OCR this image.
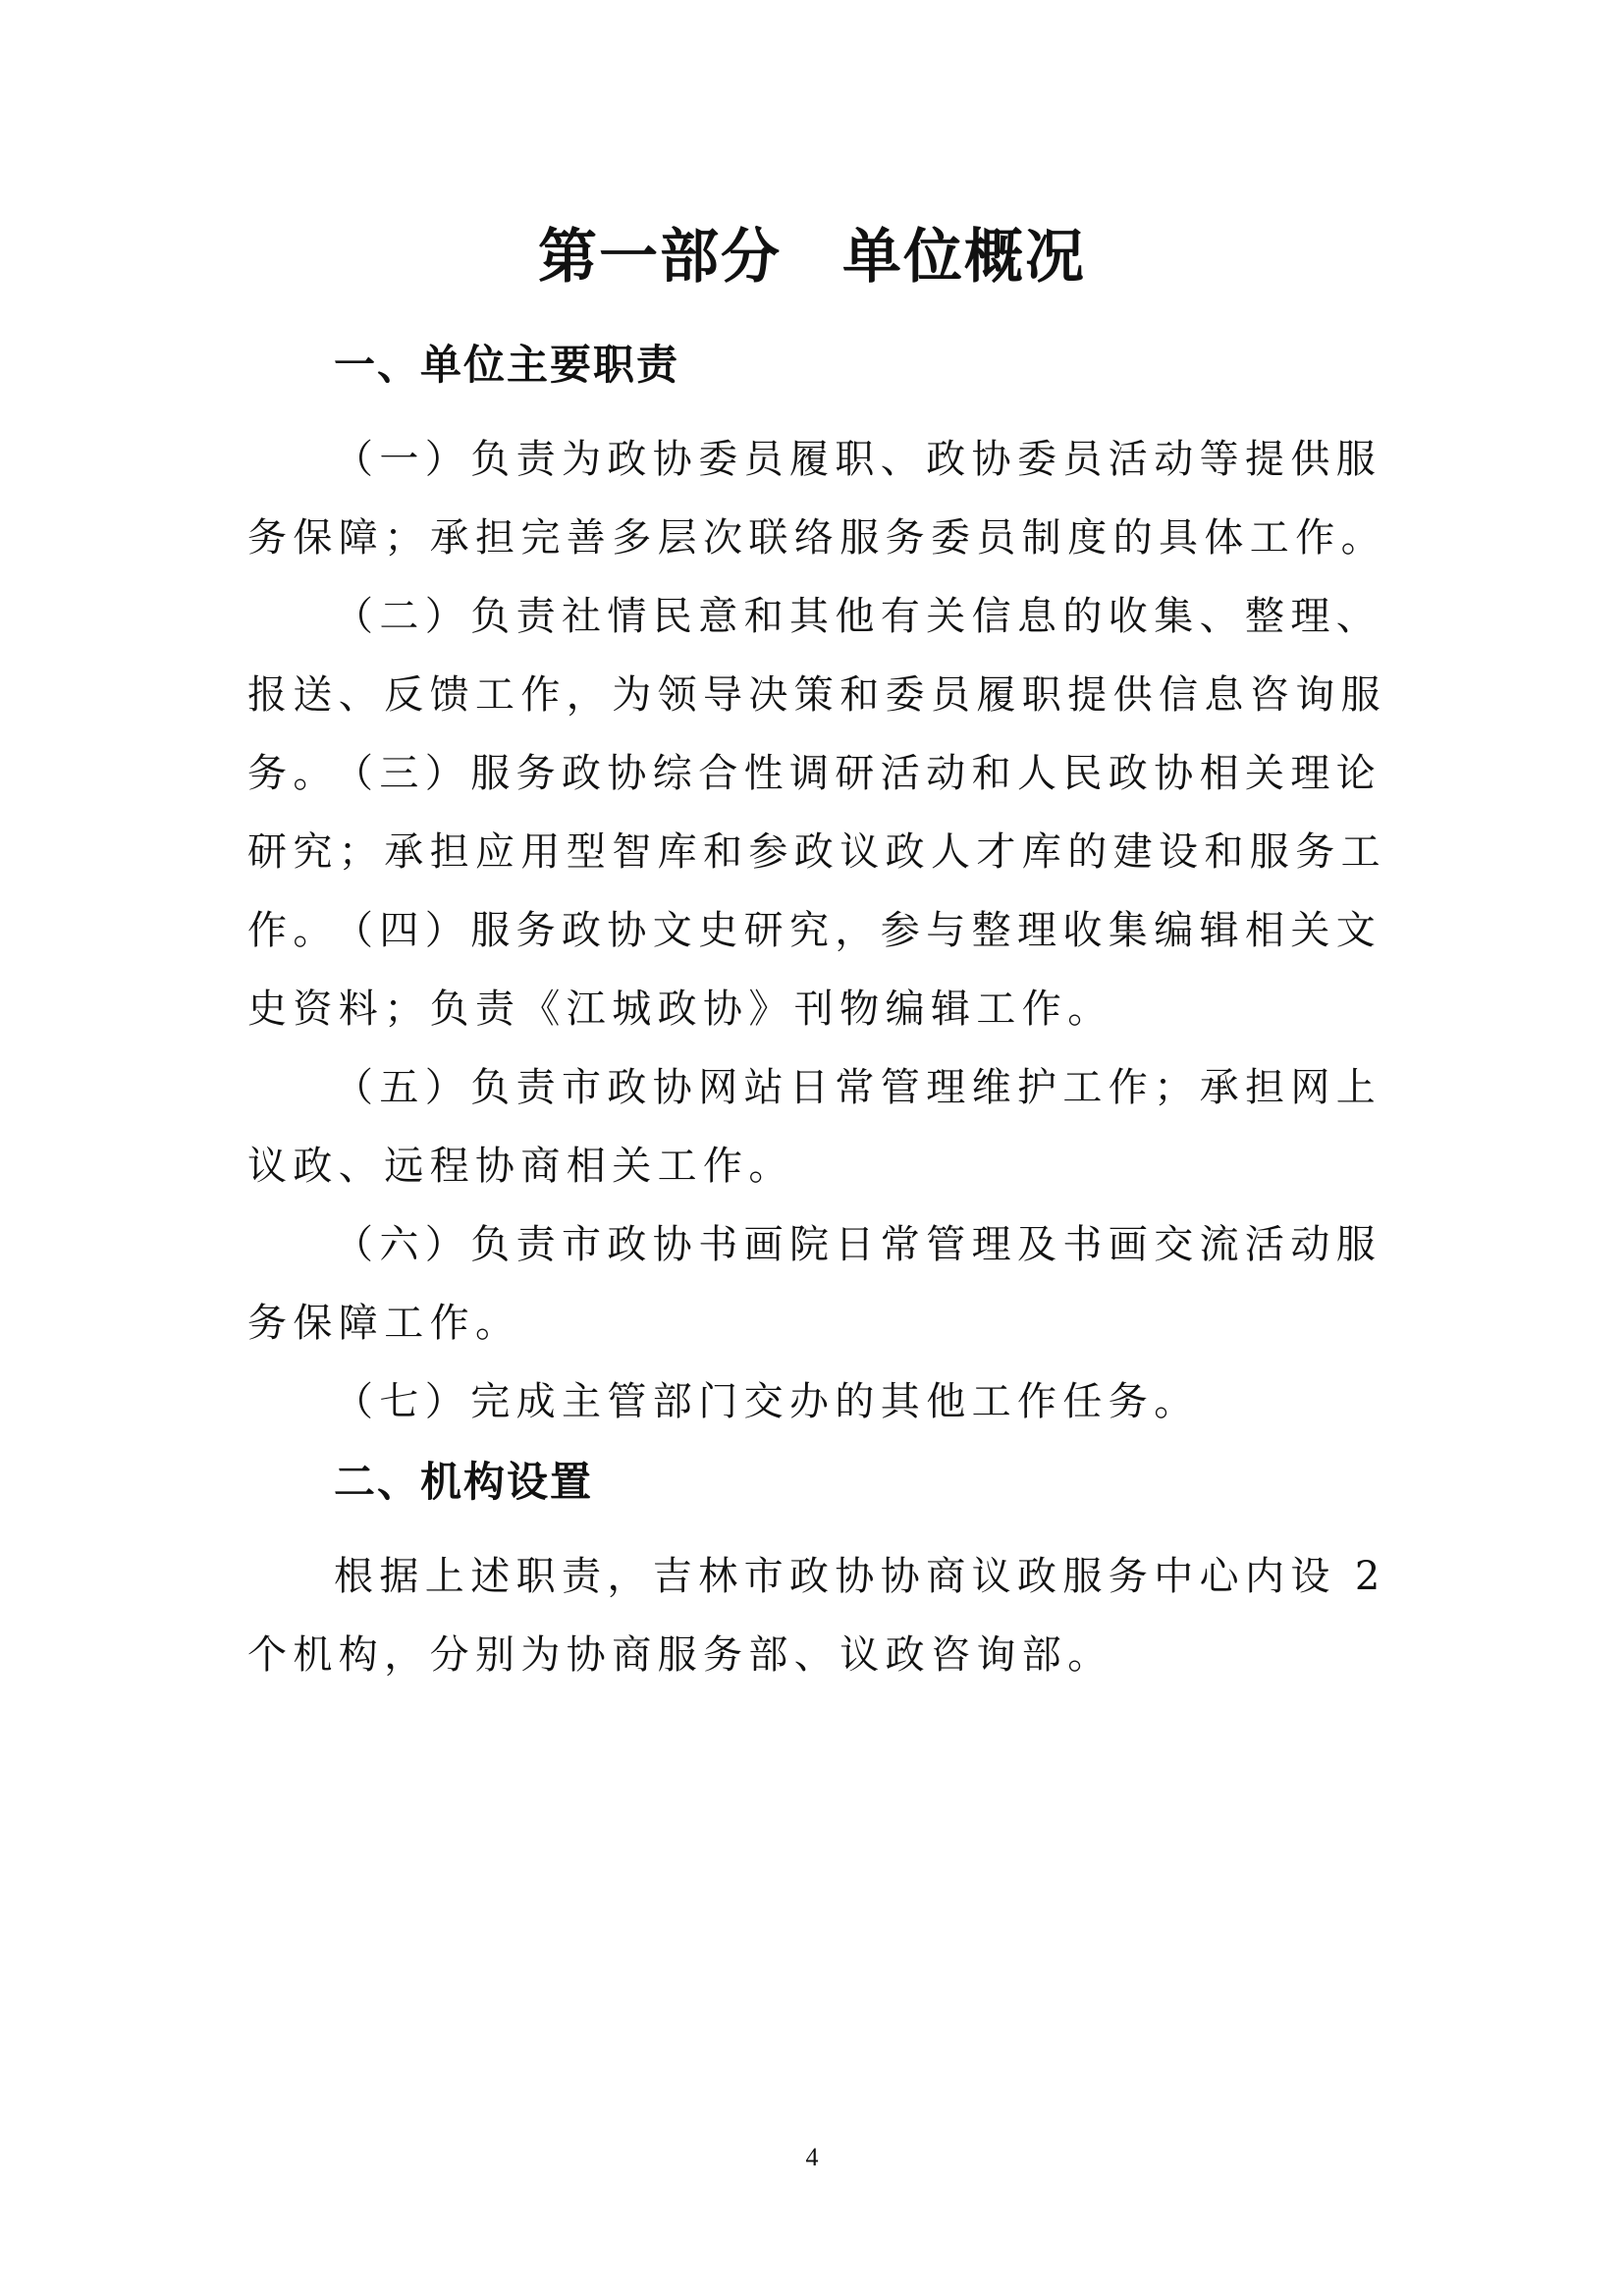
第一部分　单位概况
一、单位主要职责
（一）负责为政协委员履职、政协委员活动等提供服务保障；承担完善多层次联络服务委员制度的具体工作。
（二）负责社情民意和其他有关信息的收集、整理、报送、反馈工作，为领导决策和委员履职提供信息咨询服务。
（三）服务政协综合性调研活动和人民政协相关理论研究；承担应用型智库和参政议政人才库的建设和服务工作。
（四）服务政协文史研究，参与整理收集编辑相关文史资料；负责《江城政协》刊物编辑工作。
（五）负责市政协网站日常管理维护工作；承担网上议政、远程协商相关工作。
（六）负责市政协书画院日常管理及书画交流活动服务保障工作。
（七）完成主管部门交办的其他工作任务。
二、机构设置
根据上述职责，吉林市政协协商议政服务中心内设 2 个机构，分别为协商服务部、议政咨询部。
4
